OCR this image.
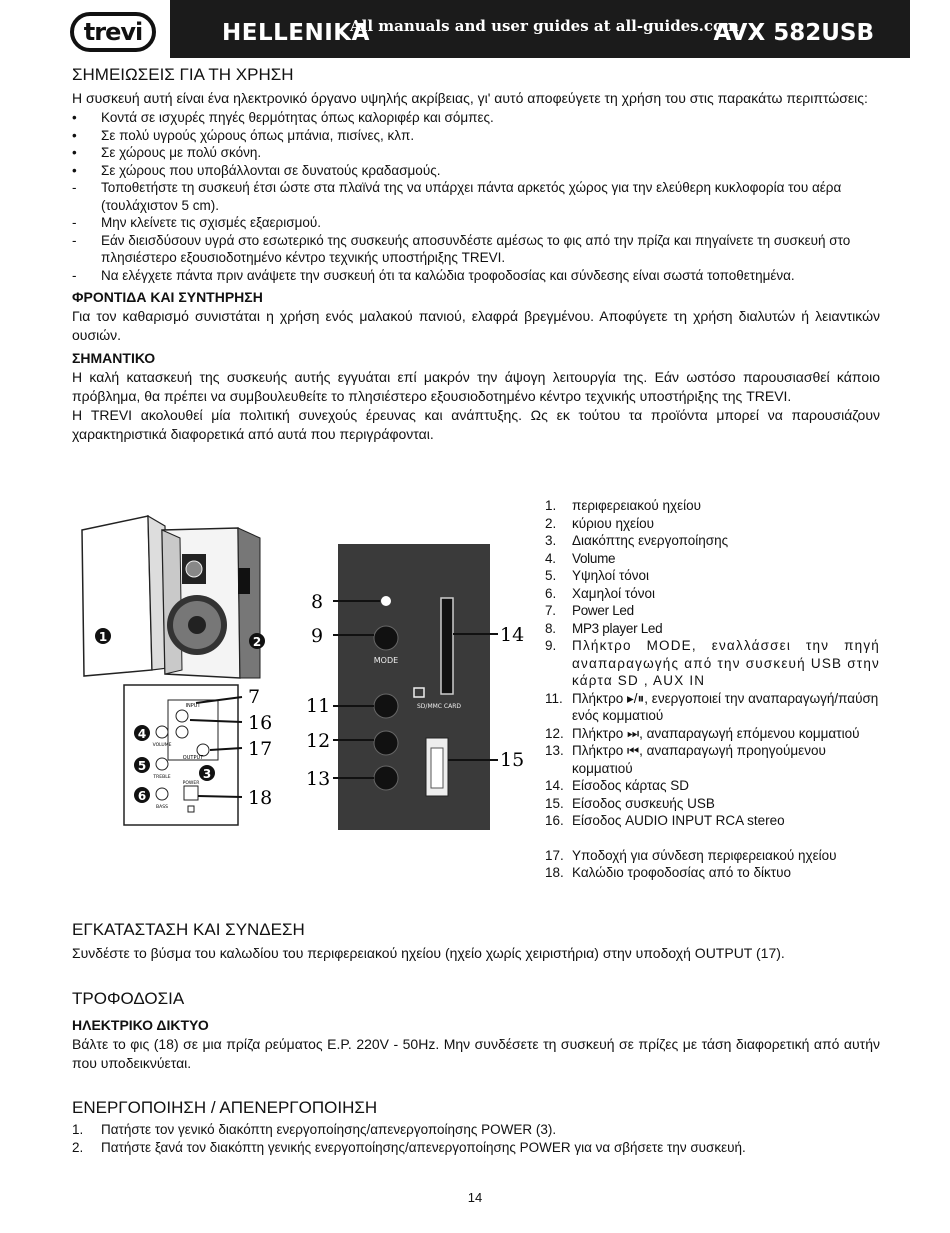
trevi	HELLENIKA
All manuals and user guides at all-guides.com
AVX 582USB
ΣΗΜΕΙΩΣΕΙΣ ΓΙΑ ΤΗ ΧΡΗΣΗ

Η συσκευή αυτή είναι ένα ηλεκτρονικό όργανο υψηλής ακρίβειας, γι' αυτό αποφεύγετε τη χρήση του στις παρακάτω περιπτώσεις:

• Κοντά σε ισχυρές πηγές θερμότητας όπως καλοριφέρ και σόμπες.
• Σε πολύ υγρούς χώρους όπως μπάνια, πισίνες, κλπ.
• Σε χώρους με πολύ σκόνη.
• Σε χώρους που υποβάλλονται σε δυνατούς κραδασμούς.
- Τοποθετήστε τη συσκευή έτσι ώστε στα πλαϊνά της να υπάρχει πάντα αρκετός χώρος για την ελεύθερη κυκλοφορία του αέρα (τουλάχιστον 5 cm).
- Μην κλείνετε τις σχισμές εξαερισμού.
- Εάν διεισδύσουν υγρά στο εσωτερικό της συσκευής αποσυνδέστε αμέσως το φις από την πρίζα και πηγαίνετε τη συσκευή στο πλησιέστερο εξουσιοδοτημένο κέντρο τεχνικής υποστήριξης TREVI.
- Να ελέγχετε πάντα πριν ανάψετε την συσκευή ότι τα καλώδια τροφοδοσίας και σύνδεσης είναι σωστά τοποθετημένα.
ΦΡΟΝΤΙΔΑ ΚΑΙ ΣΥΝΤΗΡΗΣΗ

Για τον καθαρισμό συνιστάται η χρήση ενός μαλακού πανιού, ελαφρά βρεγμένου. Αποφύγετε τη χρήση διαλυτών ή λειαντικών ουσιών.

ΣΗΜΑΝΤΙΚΟ

Η καλή κατασκευή της συσκευής αυτής εγγυάται επί μακρόν την άψογη λειτουργία της. Εάν ωστόσο παρουσιασθεί κάποιο πρόβλημα, θα πρέπει να συμβουλευθείτε το πλησιέστερο εξουσιοδοτημένο κέντρο τεχνικής υποστήριξης της TREVI.

Η TREVI ακολουθεί μία πολιτική συνεχούς έρευνας και ανάπτυξης. Ως εκ τούτου τα προϊόντα μπορεί να παρουσιάζουν χαρακτηριστικά διαφορετικά από αυτά που περιγράφονται.

1	2
INPUT
OUTPUT
VOLUME
TREBLE
BASS
POWER
3
4
5
6
7
16
17
18
MODE
SD/MMC CARD
8
9
11
12
13
14
15
1. περιφερειακού ηχείου
2. κύριου ηχείου
3. Διακόπτης ενεργοποίησης
4. Volume
5. Υψηλοί τόνοι
6. Χαμηλοί τόνοι
7. Power Led
8. MP3 player Led
9. Πλήκτρο MODE, εναλλάσσει την πηγή αναπαραγωγής από την συσκευή USB στην κάρτα SD , AUX IN
11. Πλήκτρο ▸/⏸, ενεργοποιεί την αναπαραγωγή/παύση ενός κομματιού
12. Πλήκτρο ⏭, αναπαραγωγή επόμενου κομματιού
13. Πλήκτρο ⏮, αναπαραγωγή προηγούμενου κομματιού
14. Είσοδος κάρτας SD
15. Είσοδος συσκευής USB
16. Είσοδος AUDIO INPUT RCA stereo
17. Υποδοχή για σύνδεση περιφερειακού ηχείου
18. Καλώδιο τροφοδοσίας από το δίκτυο
ΕΓΚΑΤΑΣΤΑΣΗ ΚΑΙ ΣΥΝΔΕΣΗ

Συνδέστε το βύσμα του καλωδίου του περιφερειακού ηχείου (ηχείο χωρίς χειριστήρια) στην υποδοχή OUTPUT (17).

ΤΡΟΦΟΔΟΣΙΑ
ΗΛΕΚΤΡΙΚΟ ΔΙΚΤΥΟ

Βάλτε το φις (18) σε μια πρίζα ρεύματος Ε.Ρ. 220V - 50Hz. Μην συνδέσετε τη συσκευή σε πρίζες με τάση διαφορετική από αυτήν που υποδεικνύεται.

ΕΝΕΡΓΟΠΟΙΗΣΗ / ΑΠΕΝΕΡΓΟΠΟΙΗΣΗ
1. Πατήστε τον γενικό διακόπτη ενεργοποίησης/απενεργοποίησης POWER (3).
2. Πατήστε ξανά τον διακόπτη γενικής ενεργοποίησης/απενεργοποίησης POWER για να σβήσετε την συσκευή.
14
